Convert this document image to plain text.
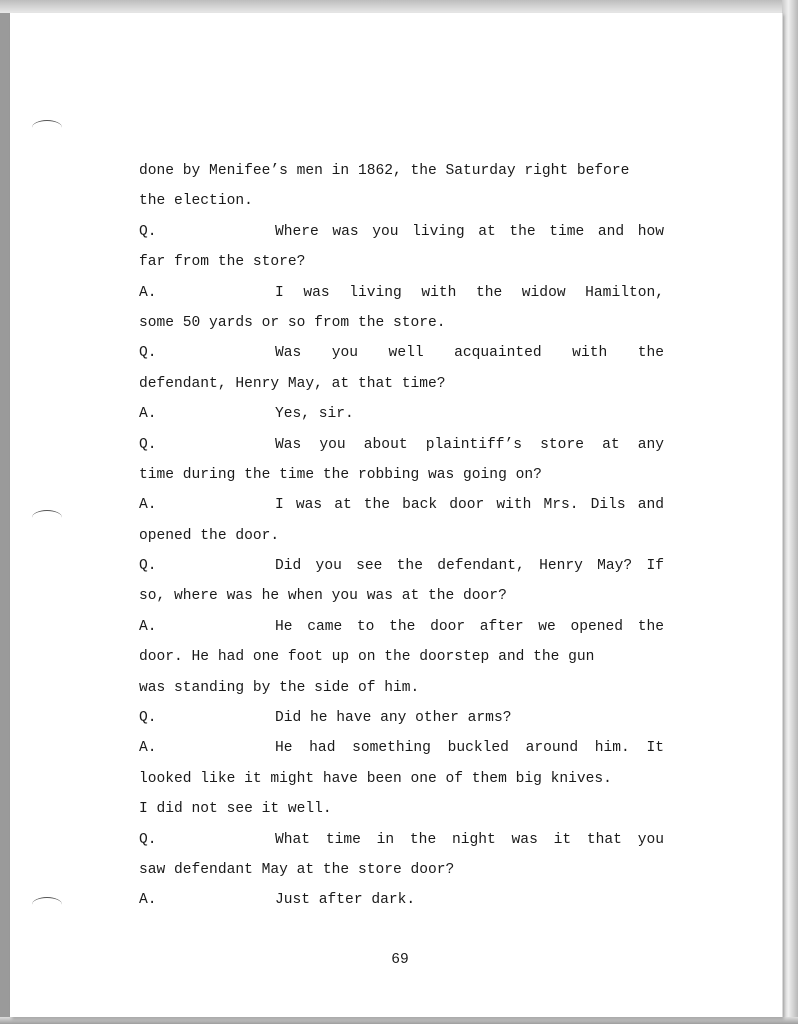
done by Menifee’s men in 1862, the Saturday right before
the election.
Q.	Where was you living at the time and how
far from the store?
A.	I was living with the widow Hamilton,
some 50 yards or so from the store.
Q.	Was you well acquainted with the
defendant, Henry May, at that time?
A.	Yes, sir.
Q.	Was you about plaintiff’s store at any
time during the time the robbing was going on?
A.	I was at the back door with Mrs. Dils and
opened the door.
Q.	Did you see the defendant, Henry May? If
so, where was he when you was at the door?
A.	He came to the door after we opened the
door. He had one foot up on the doorstep and the gun
was standing by the side of him.
Q.	Did he have any other arms?
A.	He had something buckled around him. It
looked like it might have been one of them big knives.
I did not see it well.
Q.	What time in the night was it that you
saw defendant May at the store door?
A.	Just after dark.
69
